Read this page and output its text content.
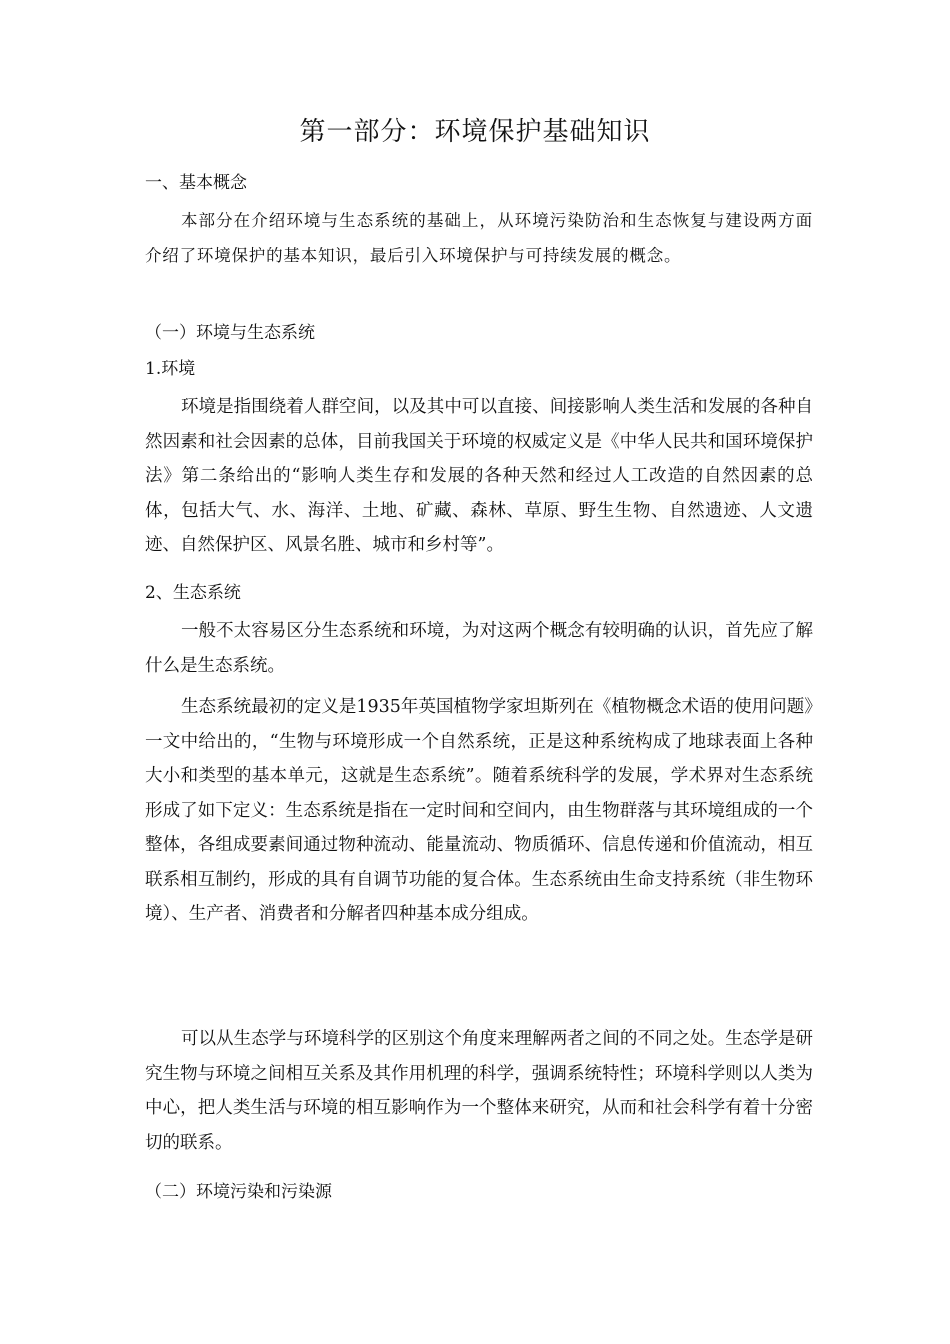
第一部分：环境保护基础知识
一、基本概念

本部分在介绍环境与生态系统的基础上，从环境污染防治和生态恢复与建设两方面介绍了环境保护的基本知识，最后引入环境保护与可持续发展的概念。

（一）环境与生态系统
1.环境

环境是指围绕着人群空间，以及其中可以直接、间接影响人类生活和发展的各种自然因素和社会因素的总体，目前我国关于环境的权威定义是《中华人民共和国环境保护法》第二条给出的“影响人类生存和发展的各种天然和经过人工改造的自然因素的总体，包括大气、水、海洋、土地、矿藏、森林、草原、野生生物、自然遗迹、人文遗迹、自然保护区、风景名胜、城市和乡村等”。

2、生态系统

一般不太容易区分生态系统和环境，为对这两个概念有较明确的认识，首先应了解什么是生态系统。

生态系统最初的定义是1935年英国植物学家坦斯列在《植物概念术语的使用问题》一文中给出的，“生物与环境形成一个自然系统，正是这种系统构成了地球表面上各种大小和类型的基本单元，这就是生态系统”。随着系统科学的发展，学术界对生态系统形成了如下定义：生态系统是指在一定时间和空间内，由生物群落与其环境组成的一个整体，各组成要素间通过物种流动、能量流动、物质循环、信息传递和价值流动，相互联系相互制约，形成的具有自调节功能的复合体。生态系统由生命支持系统（非生物环境）、生产者、消费者和分解者四种基本成分组成。

可以从生态学与环境科学的区别这个角度来理解两者之间的不同之处。生态学是研究生物与环境之间相互关系及其作用机理的科学，强调系统特性；环境科学则以人类为中心，把人类生活与环境的相互影响作为一个整体来研究，从而和社会科学有着十分密切的联系。

（二）环境污染和污染源
